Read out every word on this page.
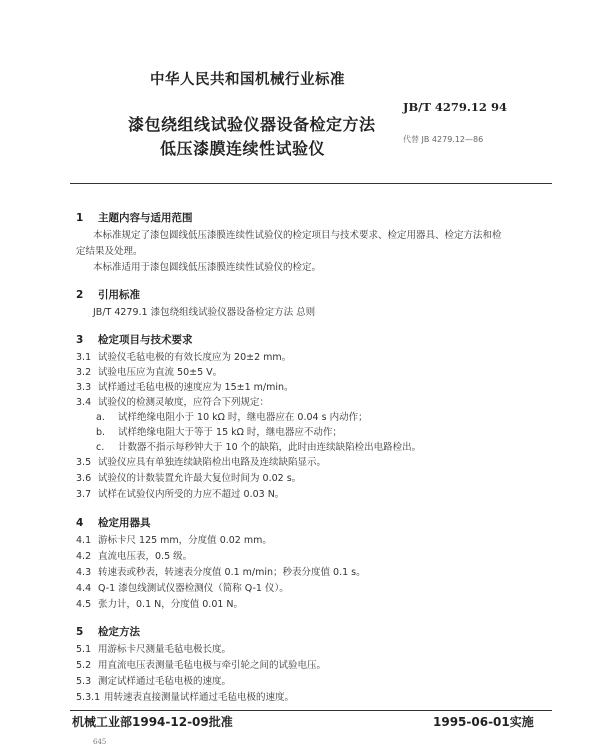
中华人民共和国机械行业标准
漆包绕组线试验仪器设备检定方法
低压漆膜连续性试验仪
JB/T 4279.12 94
代替 JB 4279.12—86
1 主题内容与适用范围
本标准规定了漆包圆线低压漆膜连续性试验仪的检定项目与技术要求、检定用器具、检定方法和检
定结果及处理。
本标准适用于漆包圆线低压漆膜连续性试验仪的检定。
2 引用标准
JB/T 4279.1 漆包绕组线试验仪器设备检定方法 总则
3 检定项目与技术要求
3.1 试验仪毛毡电极的有效长度应为 20±2 mm。
3.2 试验电压应为直流 50±5 V。
3.3 试样通过毛毡电极的速度应为 15±1 m/min。
3.4 试验仪的检测灵敏度，应符合下列规定：
a. 试样绝缘电阻小于 10 kΩ 时，继电器应在 0.04 s 内动作；
b. 试样绝缘电阻大于等于 15 kΩ 时，继电器应不动作；
c. 计数器不指示每秒钟大于 10 个的缺陷，此时由连续缺陷检出电路检出。
3.5 试验仪应具有单独连续缺陷检出电路及连续缺陷显示。
3.6 试验仪的计数装置允许最大复位时间为 0.02 s。
3.7 试样在试验仪内所受的力应不超过 0.03 N。
4 检定用器具
4.1 游标卡尺 125 mm，分度值 0.02 mm。
4.2 直流电压表，0.5 级。
4.3 转速表或秒表，转速表分度值 0.1 m/min；秒表分度值 0.1 s。
4.4 Q-1 漆包线测试仪器检测仪（简称 Q-1 仪）。
4.5 张力计，0.1 N，分度值 0.01 N。
5 检定方法
5.1 用游标卡尺测量毛毡电极长度。
5.2 用直流电压表测量毛毡电极与牵引轮之间的试验电压。
5.3 测定试样通过毛毡电极的速度。
5.3.1 用转速表直接测量试样通过毛毡电极的速度。
机械工业部1994-12-09批准	1995-06-01实施
645
